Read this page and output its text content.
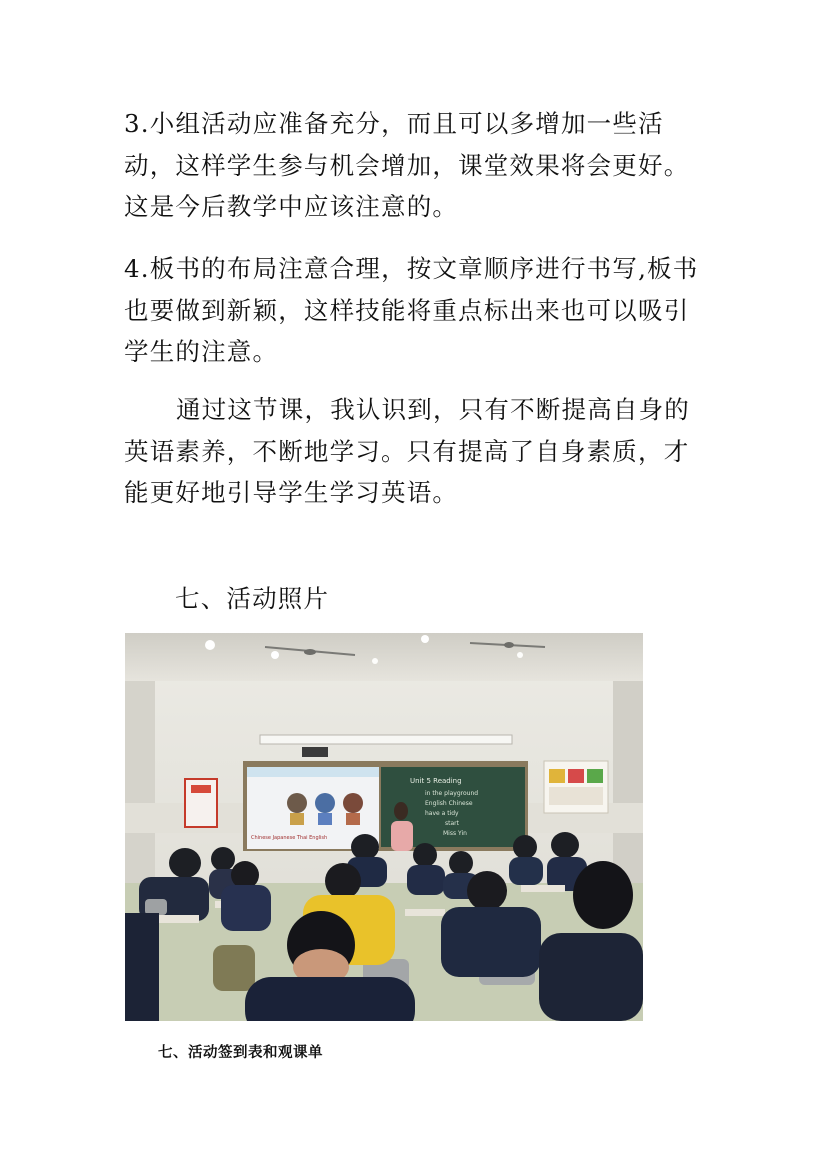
3.小组活动应准备充分，而且可以多增加一些活动，这样学生参与机会增加，课堂效果将会更好。这是今后教学中应该注意的。

4.板书的布局注意合理，按文章顺序进行书写,板书也要做到新颖，这样技能将重点标出来也可以吸引学生的注意。

通过这节课，我认识到，只有不断提高自身的英语素养，不断地学习。只有提高了自身素质，才能更好地引导学生学习英语。

七、活动照片

Chinese Japanese Thai English
Unit 5 Reading
in the playground
English Chinese
have a tidy
start
Miss Yin

七、活动签到表和观课单
